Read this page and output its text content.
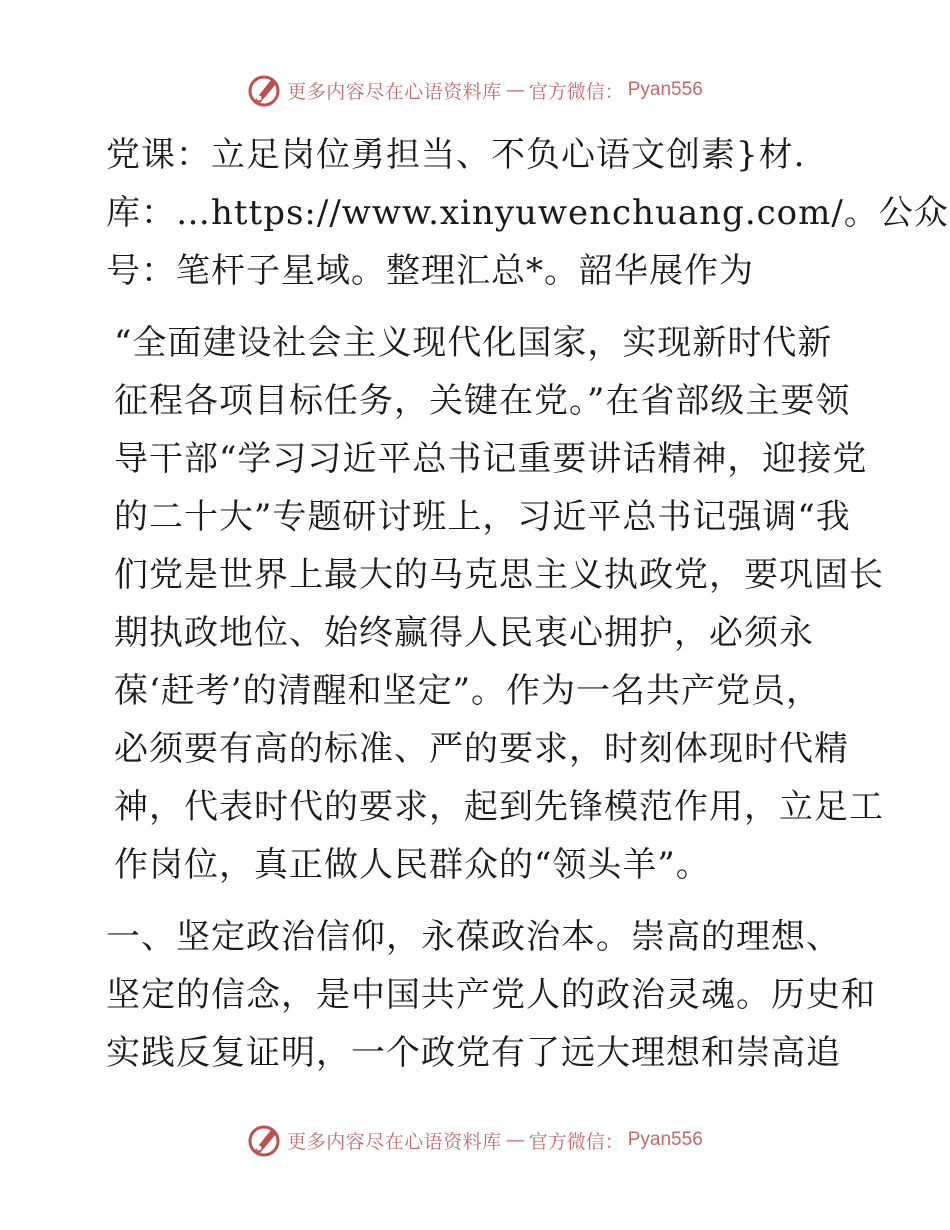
更多内容尽在心语资料库 — 官方微信： Pyan556

党课：立足岗位勇担当、不负心语文创素}材.
库：…https://www.xinyuwenchuang.com/。公众
号：笔杆子星域。整理汇总*。韶华展作为

“全面建设社会主义现代化国家，实现新时代新
征程各项目标任务，关键在党。”在省部级主要领
导干部“学习习近平总书记重要讲话精神，迎接党
的二十大”专题研讨班上，习近平总书记强调“我
们党是世界上最大的马克思主义执政党，要巩固长
期执政地位、始终赢得人民衷心拥护，必须永
葆‘赶考’的清醒和坚定”。作为一名共产党员，
必须要有高的标准、严的要求，时刻体现时代精
神，代表时代的要求，起到先锋模范作用，立足工
作岗位，真正做人民群众的“领头羊”。

一、坚定政治信仰，永葆政治本。崇高的理想、
坚定的信念，是中国共产党人的政治灵魂。历史和
实践反复证明，一个政党有了远大理想和崇高追

更多内容尽在心语资料库 — 官方微信： Pyan556
